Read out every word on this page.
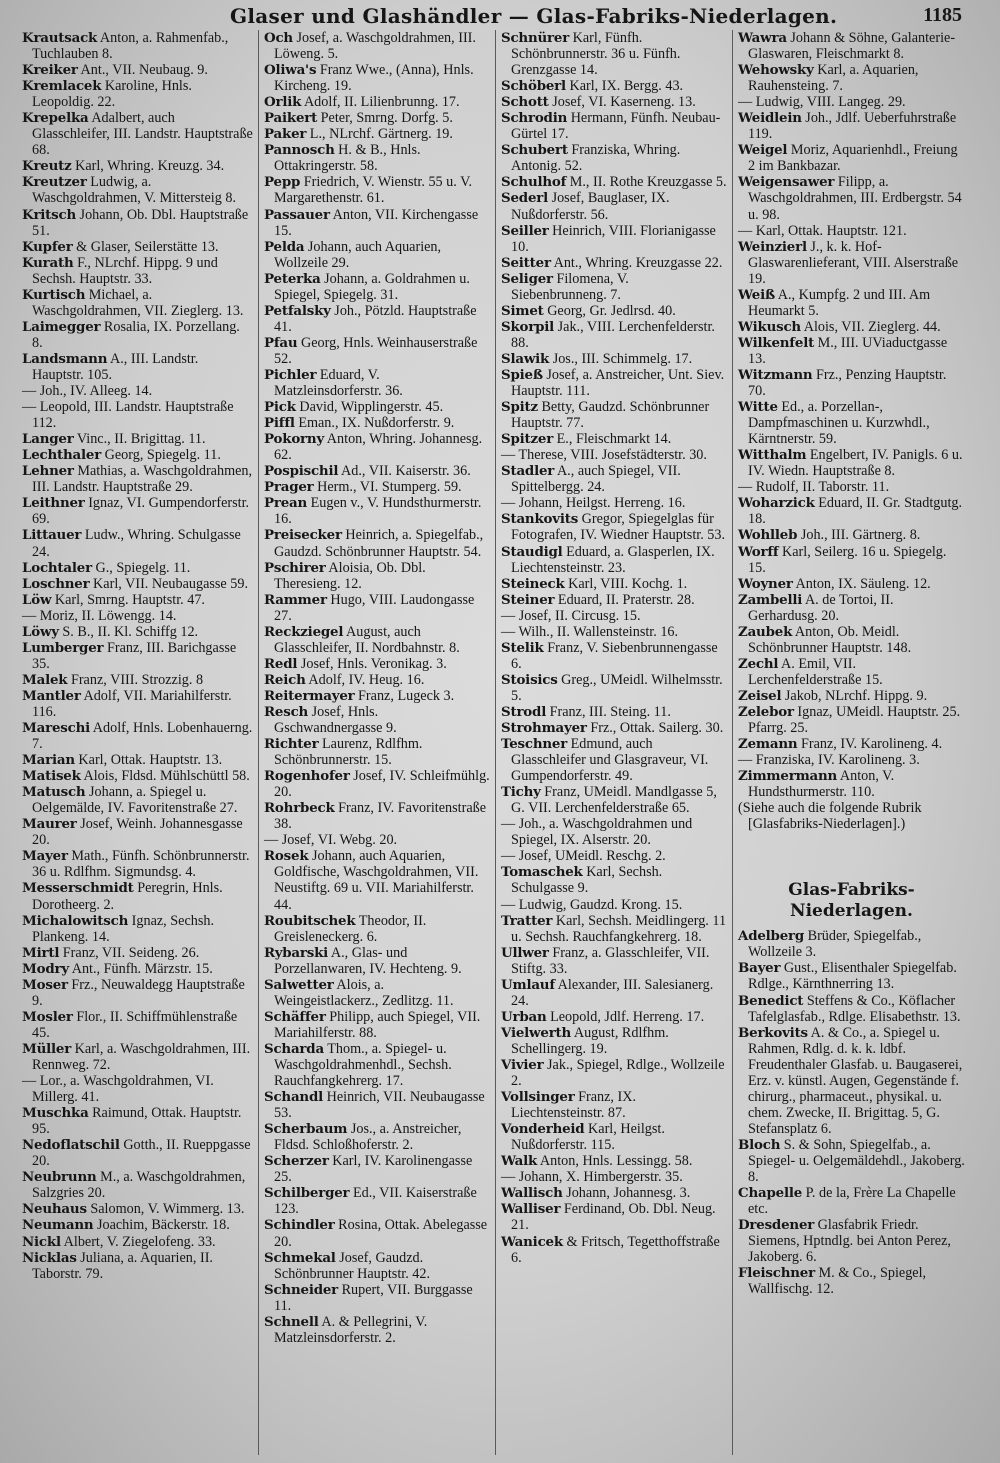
Glaser und Glashändler — Glas-Fabriks-Niederlagen.	1185

Krautsack Anton, a. Rahmenfab., Tuchlauben 8.

Kreiker Ant., VII. Neubaug. 9.

Kremlacek Karoline, Hnls. Leopoldig. 22.

Krepelka Adalbert, auch Glasschleifer, III. Landstr. Hauptstraße 68.

Kreutz Karl, Whring. Kreuzg. 34.

Kreutzer Ludwig, a. Waschgoldrahmen, V. Mittersteig 8.

Kritsch Johann, Ob. Dbl. Hauptstraße 51.

Kupfer & Glaser, Seilerstätte 13.

Kurath F., NLrchf. Hippg. 9 und Sechsh. Hauptstr. 33.

Kurtisch Michael, a. Waschgoldrahmen, VII. Zieglerg. 13.

Laimegger Rosalia, IX. Porzellang. 8.

Landsmann A., III. Landstr. Hauptstr. 105.

— Joh., IV. Alleeg. 14.

— Leopold, III. Landstr. Hauptstraße 112.

Langer Vinc., II. Brigittag. 11.

Lechthaler Georg, Spiegelg. 11.

Lehner Mathias, a. Waschgoldrahmen, III. Landstr. Hauptstraße 29.

Leithner Ignaz, VI. Gumpendorferstr. 69.

Littauer Ludw., Whring. Schulgasse 24.

Lochtaler G., Spiegelg. 11.

Loschner Karl, VII. Neubaugasse 59.

Löw Karl, Smrng. Hauptstr. 47.

— Moriz, II. Löwengg. 14.

Löwy S. B., II. Kl. Schiffg 12.

Lumberger Franz, III. Barichgasse 35.

Malek Franz, VIII. Strozzig. 8

Mantler Adolf, VII. Mariahilferstr. 116.

Mareschi Adolf, Hnls. Lobenhauerng. 7.

Marian Karl, Ottak. Hauptstr. 13.

Matisek Alois, Fldsd. Mühlschüttl 58.

Matusch Johann, a. Spiegel u. Oelgemälde, IV. Favoritenstraße 27.

Maurer Josef, Weinh. Johannesgasse 20.

Mayer Math., Fünfh. Schönbrunnerstr. 36 u. Rdlfhm. Sigmundsg. 4.

Messerschmidt Peregrin, Hnls. Dorotheerg. 2.

Michalowitsch Ignaz, Sechsh. Plankeng. 14.

Mirtl Franz, VII. Seideng. 26.

Modry Ant., Fünfh. Märzstr. 15.

Moser Frz., Neuwaldegg Hauptstraße 9.

Mosler Flor., II. Schiffmühlenstraße 45.

Müller Karl, a. Waschgoldrahmen, III. Rennweg. 72.

— Lor., a. Waschgoldrahmen, VI. Millerg. 41.

Muschka Raimund, Ottak. Hauptstr. 95.

Nedoflatschil Gotth., II. Rueppgasse 20.

Neubrunn M., a. Waschgoldrahmen, Salzgries 20.

Neuhaus Salomon, V. Wimmerg. 13.

Neumann Joachim, Bäckerstr. 18.

Nickl Albert, V. Ziegelofeng. 33.

Nicklas Juliana, a. Aquarien, II. Taborstr. 79.

Och Josef, a. Waschgoldrahmen, III. Löweng. 5.

Oliwa's Franz Wwe., (Anna), Hnls. Kircheng. 19.

Orlik Adolf, II. Lilienbrunng. 17.

Paikert Peter, Smrng. Dorfg. 5.

Paker L., NLrchf. Gärtnerg. 19.

Pannosch H. & B., Hnls. Ottakringerstr. 58.

Pepp Friedrich, V. Wienstr. 55 u. V. Margarethenstr. 61.

Passauer Anton, VII. Kirchengasse 15.

Pelda Johann, auch Aquarien, Wollzeile 29.

Peterka Johann, a. Goldrahmen u. Spiegel, Spiegelg. 31.

Petfalsky Joh., Pötzld. Hauptstraße 41.

Pfau Georg, Hnls. Weinhauserstraße 52.

Pichler Eduard, V. Matzleinsdorferstr. 36.

Pick David, Wipplingerstr. 45.

Piffl Eman., IX. Nußdorferstr. 9.

Pokorny Anton, Whring. Johannesg. 62.

Pospischil Ad., VII. Kaiserstr. 36.

Prager Herm., VI. Stumperg. 59.

Prean Eugen v., V. Hundsthurmerstr. 16.

Preisecker Heinrich, a. Spiegelfab., Gaudzd. Schönbrunner Hauptstr. 54.

Pschirer Aloisia, Ob. Dbl. Theresieng. 12.

Rammer Hugo, VIII. Laudongasse 27.

Reckziegel August, auch Glasschleifer, II. Nordbahnstr. 8.

Redl Josef, Hnls. Veronikag. 3.

Reich Adolf, IV. Heug. 16.

Reitermayer Franz, Lugeck 3.

Resch Josef, Hnls. Gschwandnergasse 9.

Richter Laurenz, Rdlfhm. Schönbrunnerstr. 15.

Rogenhofer Josef, IV. Schleifmühlg. 20.

Rohrbeck Franz, IV. Favoritenstraße 38.

— Josef, VI. Webg. 20.

Rosek Johann, auch Aquarien, Goldfische, Waschgoldrahmen, VII. Neustiftg. 69 u. VII. Mariahilferstr. 44.

Roubitschek Theodor, II. Greisleneckerg. 6.

Rybarski A., Glas- und Porzellanwaren, IV. Hechteng. 9.

Salwetter Alois, a. Weingeistlackerz., Zedlitzg. 11.

Schäffer Philipp, auch Spiegel, VII. Mariahilferstr. 88.

Scharda Thom., a. Spiegel- u. Waschgoldrahmenhdl., Sechsh. Rauchfangkehrerg. 17.

Schandl Heinrich, VII. Neubaugasse 53.

Scherbaum Jos., a. Anstreicher, Fldsd. Schloßhoferstr. 2.

Scherzer Karl, IV. Karolinengasse 25.

Schilberger Ed., VII. Kaiserstraße 123.

Schindler Rosina, Ottak. Abelegasse 20.

Schmekal Josef, Gaudzd. Schönbrunner Hauptstr. 42.

Schneider Rupert, VII. Burggasse 11.

Schnell A. & Pellegrini, V. Matzleinsdorferstr. 2.

Schnürer Karl, Fünfh. Schönbrunnerstr. 36 u. Fünfh. Grenzgasse 14.

Schöberl Karl, IX. Bergg. 43.

Schott Josef, VI. Kaserneng. 13.

Schrodin Hermann, Fünfh. Neubau-Gürtel 17.

Schubert Franziska, Whring. Antonig. 52.

Schulhof M., II. Rothe Kreuzgasse 5.

Sederl Josef, Bauglaser, IX. Nußdorferstr. 56.

Seiller Heinrich, VIII. Florianigasse 10.

Seitter Ant., Whring. Kreuzgasse 22.

Seliger Filomena, V. Siebenbrunneng. 7.

Simet Georg, Gr. Jedlrsd. 40.

Skorpil Jak., VIII. Lerchenfelderstr. 88.

Slawik Jos., III. Schimmelg. 17.

Spieß Josef, a. Anstreicher, Unt. Siev. Hauptstr. 111.

Spitz Betty, Gaudzd. Schönbrunner Hauptstr. 77.

Spitzer E., Fleischmarkt 14.

— Therese, VIII. Josefstädterstr. 30.

Stadler A., auch Spiegel, VII. Spittelbergg. 24.

— Johann, Heilgst. Herreng. 16.

Stankovits Gregor, Spiegelglas für Fotografen, IV. Wiedner Hauptstr. 53.

Staudigl Eduard, a. Glasperlen, IX. Liechtensteinstr. 23.

Steineck Karl, VIII. Kochg. 1.

Steiner Eduard, II. Praterstr. 28.

— Josef, II. Circusg. 15.

— Wilh., II. Wallensteinstr. 16.

Stelik Franz, V. Siebenbrunnengasse 6.

Stoisics Greg., UMeidl. Wilhelmsstr. 5.

Strodl Franz, III. Steing. 11.

Strohmayer Frz., Ottak. Sailerg. 30.

Teschner Edmund, auch Glasschleifer und Glasgraveur, VI. Gumpendorferstr. 49.

Tichy Franz, UMeidl. Mandlgasse 5, G. VII. Lerchenfelderstraße 65.

— Joh., a. Waschgoldrahmen und Spiegel, IX. Alserstr. 20.

— Josef, UMeidl. Reschg. 2.

Tomaschek Karl, Sechsh. Schulgasse 9.

— Ludwig, Gaudzd. Krong. 15.

Tratter Karl, Sechsh. Meidlingerg. 11 u. Sechsh. Rauchfangkehrerg. 18.

Ullwer Franz, a. Glasschleifer, VII. Stiftg. 33.

Umlauf Alexander, III. Salesianerg. 24.

Urban Leopold, Jdlf. Herreng. 17.

Vielwerth August, Rdlfhm. Schellingerg. 19.

Vivier Jak., Spiegel, Rdlge., Wollzeile 2.

Vollsinger Franz, IX. Liechtensteinstr. 87.

Vonderheid Karl, Heilgst. Nußdorferstr. 115.

Walk Anton, Hnls. Lessingg. 58.

— Johann, X. Himbergerstr. 35.

Wallisch Johann, Johannesg. 3.

Walliser Ferdinand, Ob. Dbl. Neug. 21.

Wanicek & Fritsch, Tegetthoffstraße 6.

Wawra Johann & Söhne, Galanterie-Glaswaren, Fleischmarkt 8.

Wehowsky Karl, a. Aquarien, Rauhensteing. 7.

— Ludwig, VIII. Langeg. 29.

Weidlein Joh., Jdlf. Ueberfuhrstraße 119.

Weigel Moriz, Aquarienhdl., Freiung 2 im Bankbazar.

Weigensawer Filipp, a. Waschgoldrahmen, III. Erdbergstr. 54 u. 98.

— Karl, Ottak. Hauptstr. 121.

Weinzierl J., k. k. Hof-Glaswarenlieferant, VIII. Alserstraße 19.

Weiß A., Kumpfg. 2 und III. Am Heumarkt 5.

Wikusch Alois, VII. Zieglerg. 44.

Wilkenfelt M., III. UViaductgasse 13.

Witzmann Frz., Penzing Hauptstr. 70.

Witte Ed., a. Porzellan-, Dampfmaschinen u. Kurzwhdl., Kärntnerstr. 59.

Witthalm Engelbert, IV. Panigls. 6 u. IV. Wiedn. Hauptstraße 8.

— Rudolf, II. Taborstr. 11.

Woharzick Eduard, II. Gr. Stadtgutg. 18.

Wohlleb Joh., III. Gärtnerg. 8.

Worff Karl, Seilerg. 16 u. Spiegelg. 15.

Woyner Anton, IX. Säuleng. 12.

Zambelli A. de Tortoi, II. Gerhardusg. 20.

Zaubek Anton, Ob. Meidl. Schönbrunner Hauptstr. 148.

Zechl A. Emil, VII. Lerchenfelderstraße 15.

Zeisel Jakob, NLrchf. Hippg. 9.

Zelebor Ignaz, UMeidl. Hauptstr. 25. Pfarrg. 25.

Zemann Franz, IV. Karolineng. 4.

— Franziska, IV. Karolineng. 3.

Zimmermann Anton, V. Hundsthurmerstr. 110.

(Siehe auch die folgende Rubrik [Glasfabriks-Niederlagen].)

Glas-Fabriks-Niederlagen.

Adelberg Brüder, Spiegelfab., Wollzeile 3.

Bayer Gust., Elisenthaler Spiegelfab. Rdlge., Kärnthnerring 13.

Benedict Steffens & Co., Köflacher Tafelglasfab., Rdlge. Elisabethstr. 13.

Berkovits A. & Co., a. Spiegel u. Rahmen, Rdlg. d. k. k. ldbf. Freudenthaler Glasfab. u. Baugaserei, Erz. v. künstl. Augen, Gegenstände f. chirurg., pharmaceut., physikal. u. chem. Zwecke, II. Brigittag. 5, G. Stefansplatz 6.

Bloch S. & Sohn, Spiegelfab., a. Spiegel- u. Oelgemäldehdl., Jakoberg. 8.

Chapelle P. de la, Frère La Chapelle etc.

Dresdener Glasfabrik Friedr. Siemens, Hptndlg. bei Anton Perez, Jakoberg. 6.

Fleischner M. & Co., Spiegel, Wallfischg. 12.
